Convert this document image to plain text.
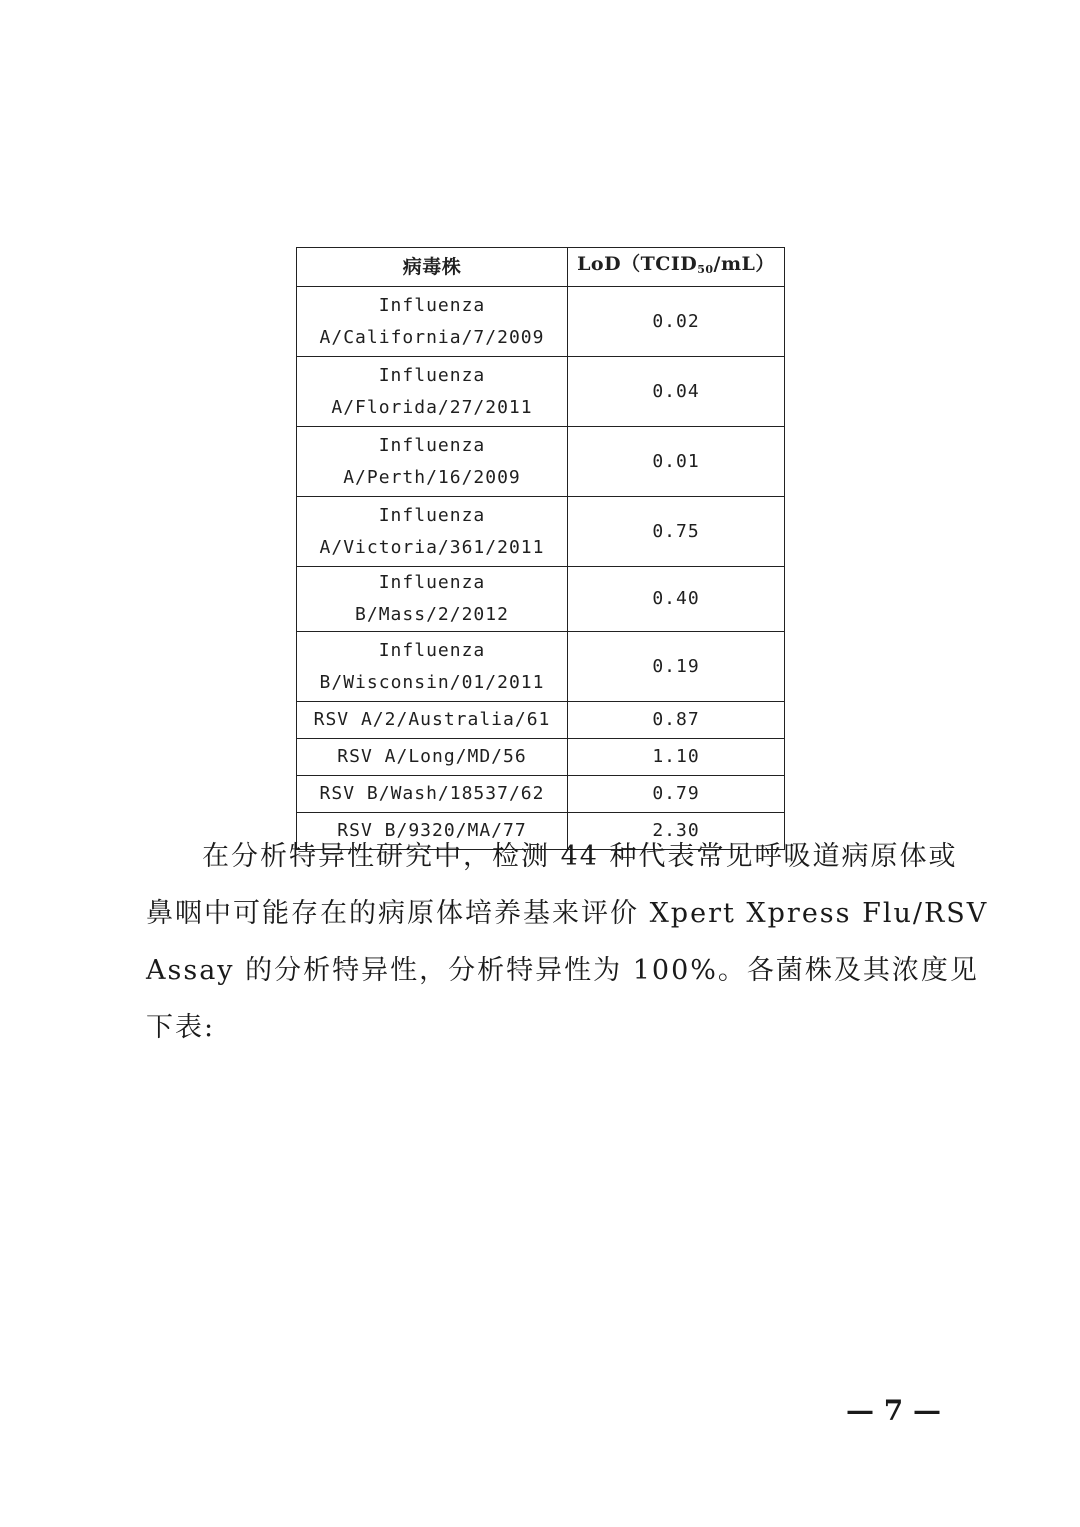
病毒株	$LoD(TCID_{50}/mL)$

Influenza
A/California/7/2009	0.02

Influenza
A/Florida/27/2011	0.04

Influenza
A/Perth/16/2009	0.01

Influenza
A/Victoria/361/2011	0.75

Influenza B/Mass/2/2012	0.40

Influenza
B/Wisconsin/01/2011	0.19

RSV A/2/Australia/61	0.87

RSV A/Long/MD/56	1.10

RSV B/Wash/18537/62	0.79

RSV B/9320/MA/77	2.30
在分析特异性研究中，检测 44 种代表常见呼吸道病原体或
鼻咽中可能存在的病原体培养基来评价 Xpert Xpress Flu/RSV
Assay 的分析特异性，分析特异性为 100%。各菌株及其浓度见
下表:
— 7 —
